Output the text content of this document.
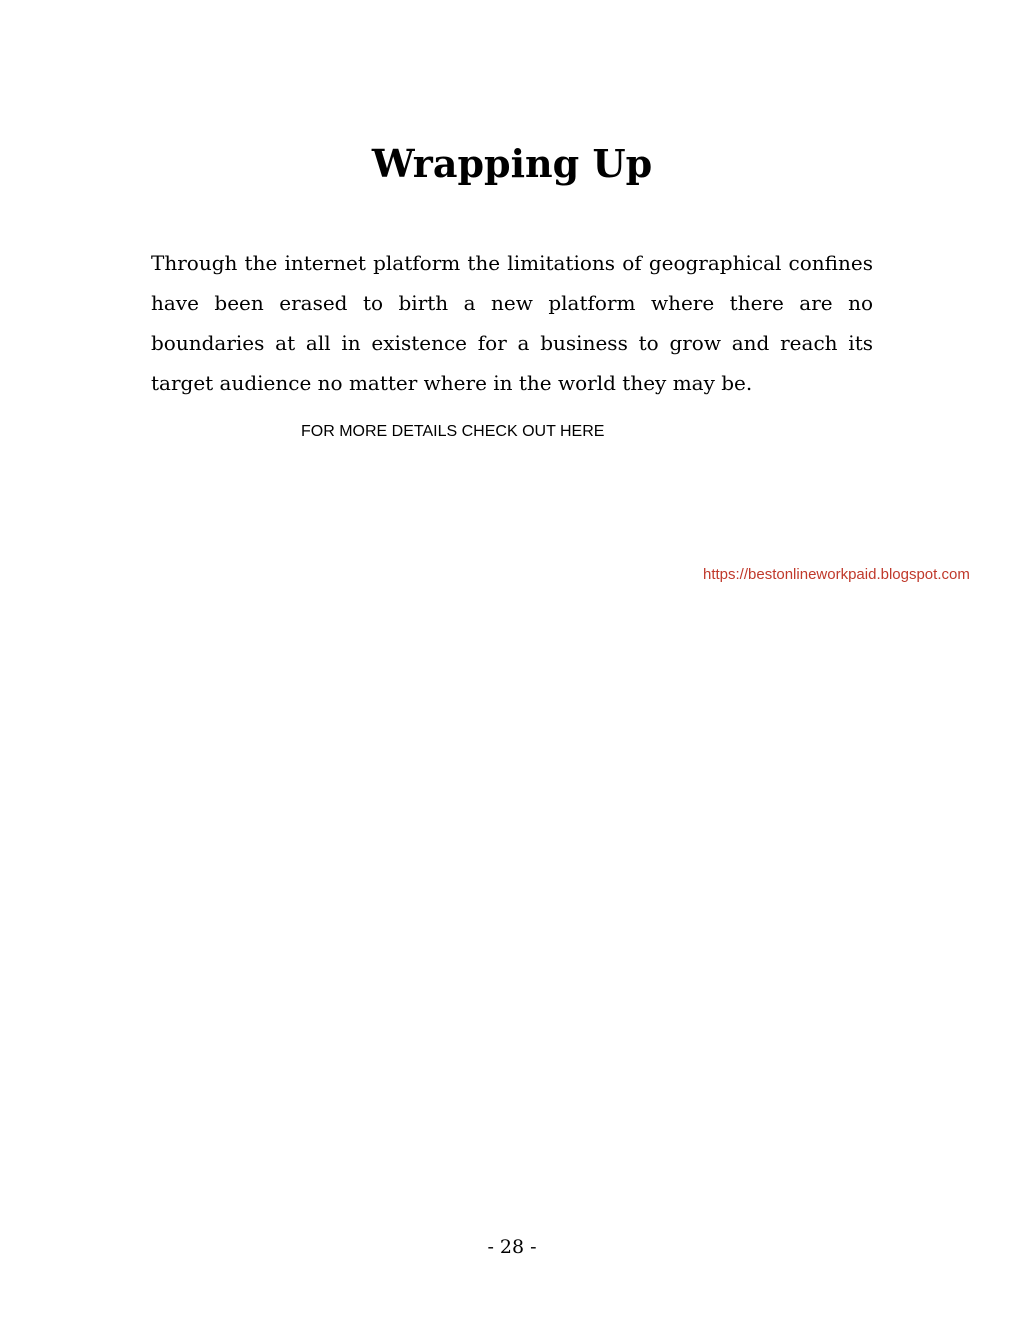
Wrapping Up

Through the internet platform the limitations of geographical confines have been erased to birth a new platform where there are no boundaries at all in existence for a business to grow and reach its target audience no matter where in the world they may be.

FOR MORE DETAILS CHECK OUT HERE
https://bestonlineworkpaid.blogspot.com
- 28 -
